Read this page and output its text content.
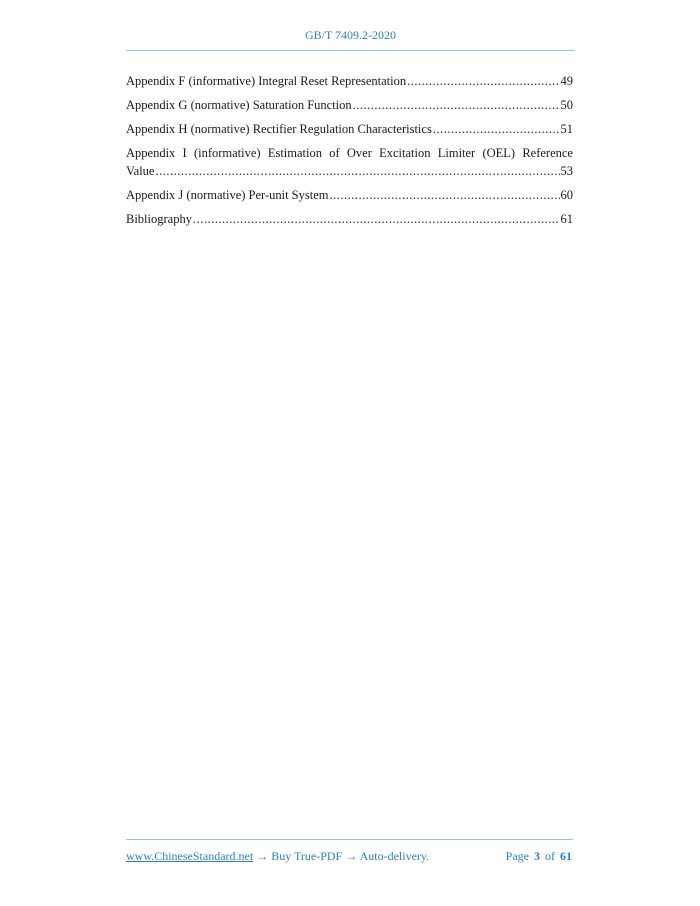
GB/T 7409.2-2020
Appendix F (informative) Integral Reset Representation .....	49
Appendix G (normative) Saturation Function .....	50
Appendix H (normative) Rectifier Regulation Characteristics .....	51
Appendix I (informative) Estimation of Over Excitation Limiter (OEL) Reference
Value .....	53
Appendix J (normative) Per-unit System .....	60
Bibliography .....	61
www.ChineseStandard.net → Buy True-PDF → Auto-delivery.	Page 3 of 61
